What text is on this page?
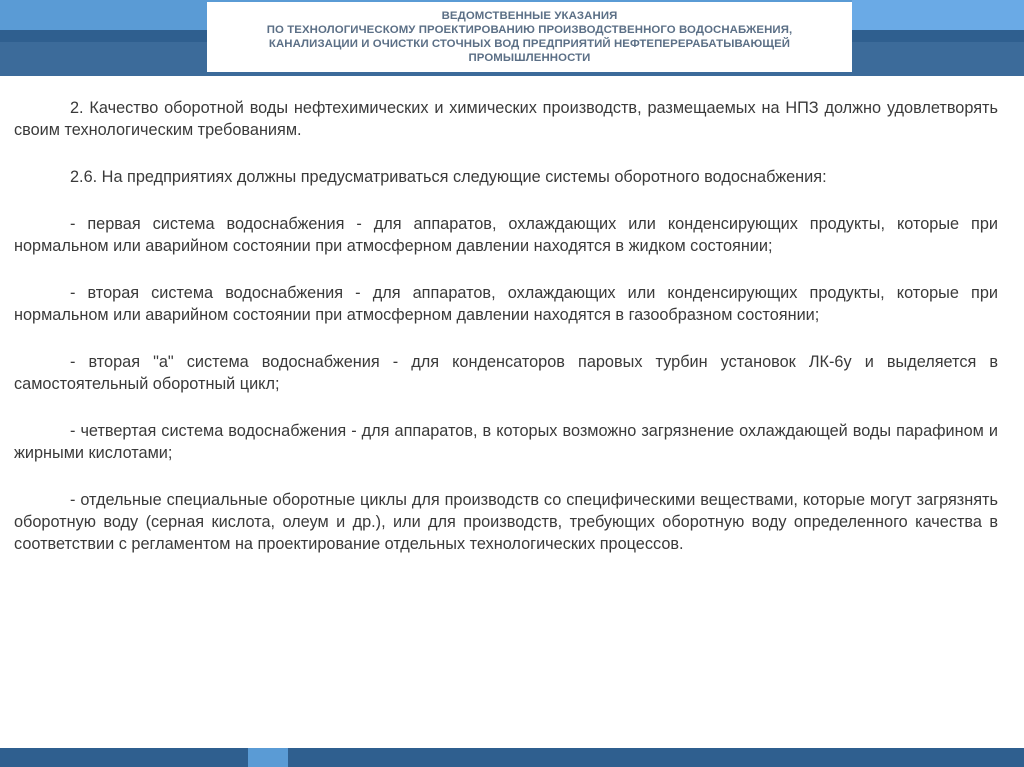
ВЕДОМСТВЕННЫЕ УКАЗАНИЯ
ПО ТЕХНОЛОГИЧЕСКОМУ ПРОЕКТИРОВАНИЮ ПРОИЗВОДСТВЕННОГО ВОДОСНАБЖЕНИЯ,
КАНАЛИЗАЦИИ И ОЧИСТКИ СТОЧНЫХ ВОД ПРЕДПРИЯТИЙ НЕФТЕПЕРЕРАБАТЫВАЮЩЕЙ
ПРОМЫШЛЕННОСТИ

2. Качество оборотной воды нефтехимических и химических производств, размещаемых на НПЗ должно удовлетворять своим технологическим требованиям.

2.6. На предприятиях должны предусматриваться следующие системы оборотного водоснабжения:

- первая система водоснабжения - для аппаратов, охлаждающих или конденсирующих продукты, которые при нормальном или аварийном состоянии при атмосферном давлении находятся в жидком состоянии;

- вторая система водоснабжения - для аппаратов, охлаждающих или конденсирующих продукты, которые при нормальном или аварийном состоянии при атмосферном давлении находятся в газообразном состоянии;

- вторая "а" система водоснабжения - для конденсаторов паровых турбин установок ЛК-6у и выделяется в самостоятельный оборотный цикл;

- четвертая система водоснабжения - для аппаратов, в которых возможно загрязнение охлаждающей воды парафином и жирными кислотами;

- отдельные специальные оборотные циклы для производств со специфическими веществами, которые могут загрязнять оборотную воду (серная кислота, олеум и др.), или для производств, требующих оборотную воду определенного качества в соответствии с регламентом на проектирование отдельных технологических процессов.
